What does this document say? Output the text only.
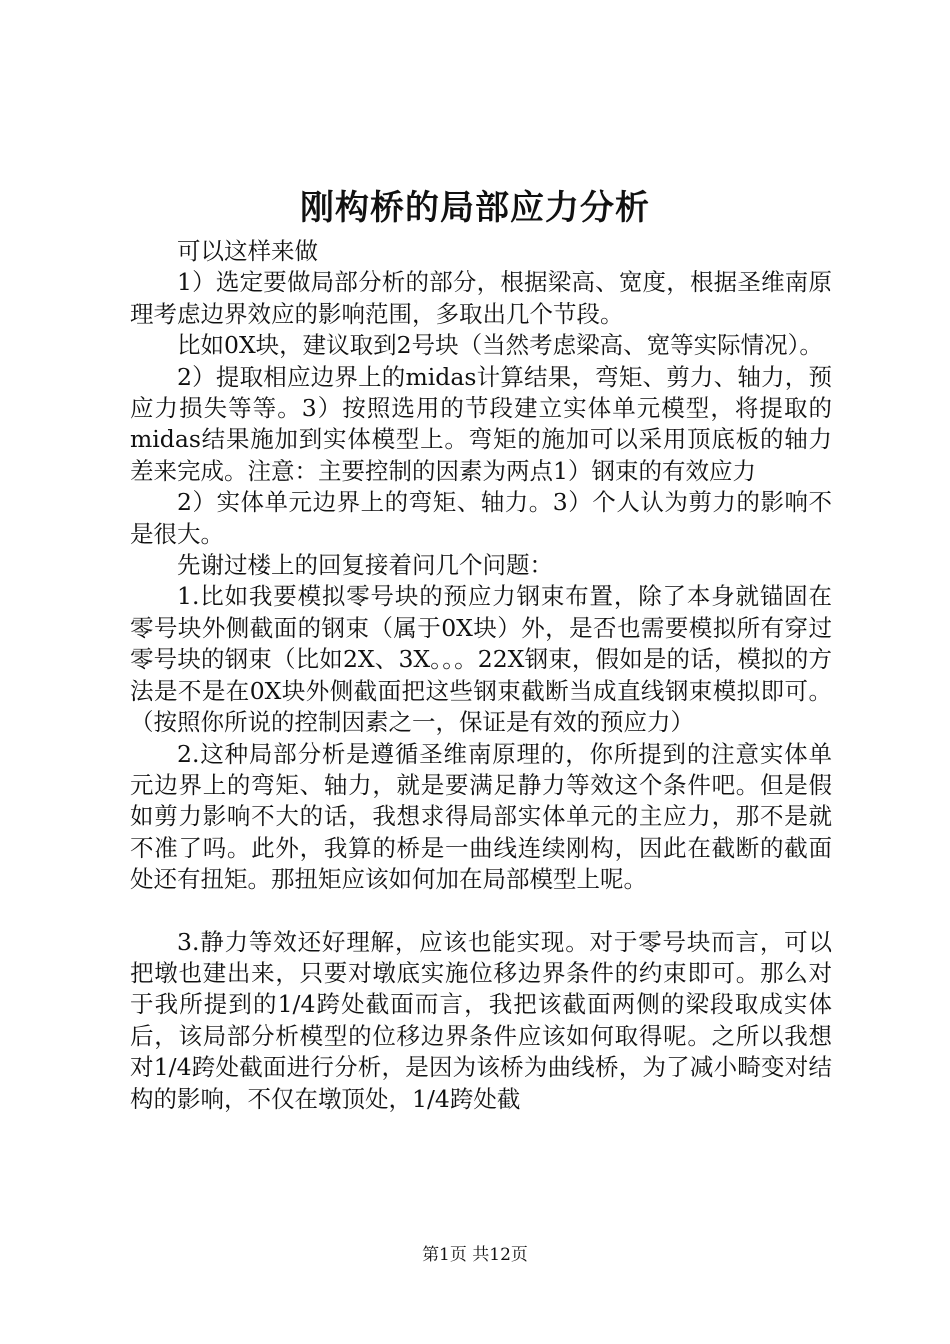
刚构桥的局部应力分析

可以这样来做

1）选定要做局部分析的部分，根据梁高、宽度，根据圣维南原理考虑边界效应的影响范围，多取出几个节段。

比如0X块，建议取到2号块（当然考虑梁高、宽等实际情况）。

2）提取相应边界上的midas计算结果，弯矩、剪力、轴力，预应力损失等等。3）按照选用的节段建立实体单元模型，将提取的midas结果施加到实体模型上。弯矩的施加可以采用顶底板的轴力差来完成。注意：主要控制的因素为两点1）钢束的有效应力

2）实体单元边界上的弯矩、轴力。3）个人认为剪力的影响不是很大。

先谢过楼上的回复接着问几个问题：

1.比如我要模拟零号块的预应力钢束布置，除了本身就锚固在零号块外侧截面的钢束（属于0X块）外，是否也需要模拟所有穿过零号块的钢束（比如2X、3X。。。22X钢束，假如是的话，模拟的方法是不是在0X块外侧截面把这些钢束截断当成直线钢束模拟即可。（按照你所说的控制因素之一，保证是有效的预应力）

2.这种局部分析是遵循圣维南原理的，你所提到的注意实体单元边界上的弯矩、轴力，就是要满足静力等效这个条件吧。但是假如剪力影响不大的话，我想求得局部实体单元的主应力，那不是就不准了吗。此外，我算的桥是一曲线连续刚构，因此在截断的截面处还有扭矩。那扭矩应该如何加在局部模型上呢。

3.静力等效还好理解，应该也能实现。对于零号块而言，可以把墩也建出来，只要对墩底实施位移边界条件的约束即可。那么对于我所提到的1/4跨处截面而言，我把该截面两侧的梁段取成实体后，该局部分析模型的位移边界条件应该如何取得呢。之所以我想对1/4跨处截面进行分析，是因为该桥为曲线桥，为了减小畸变对结构的影响，不仅在墩顶处，1/4跨处截

第1页 共12页
